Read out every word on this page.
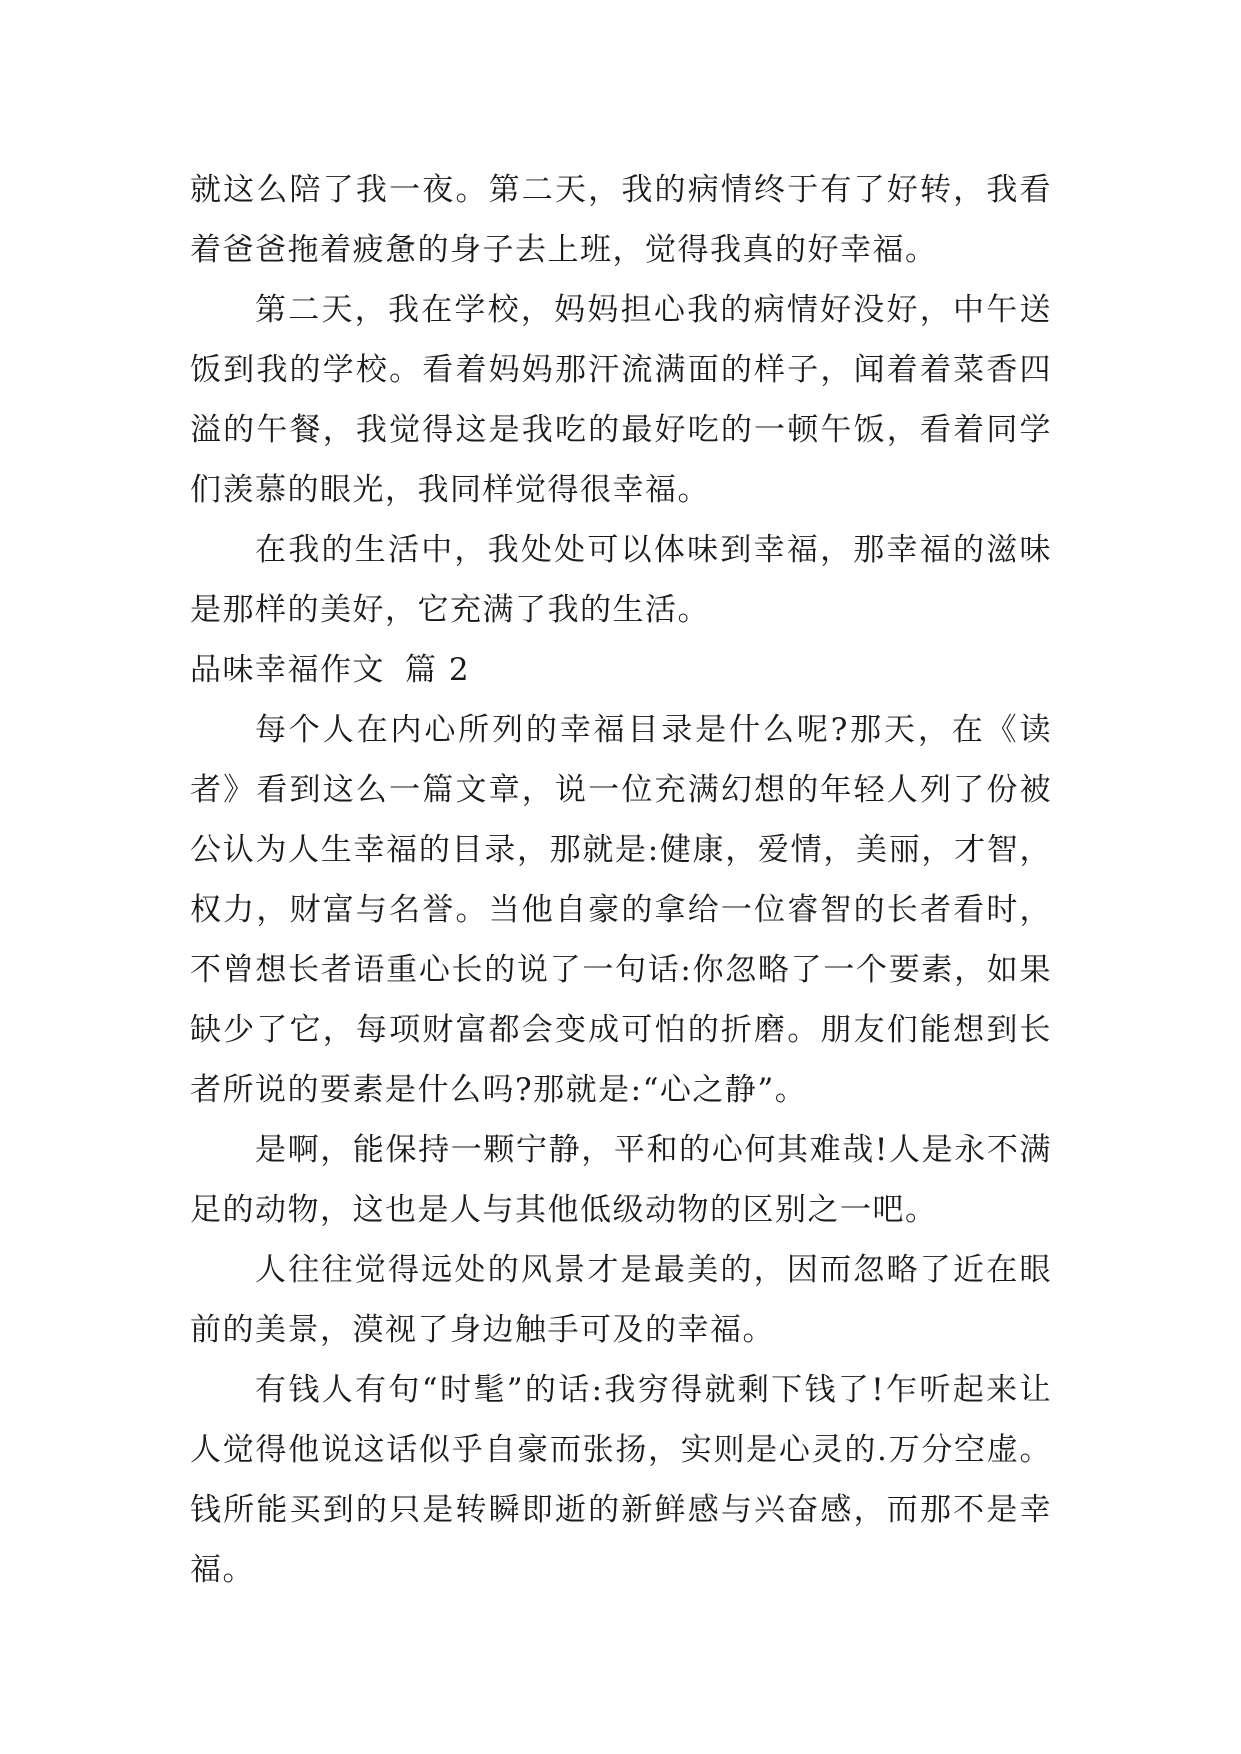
就这么陪了我一夜。第二天，我的病情终于有了好转，我看着爸爸拖着疲惫的身子去上班，觉得我真的好幸福。

第二天，我在学校，妈妈担心我的病情好没好，中午送饭到我的学校。看着妈妈那汗流满面的样子，闻着着菜香四溢的午餐，我觉得这是我吃的最好吃的一顿午饭，看着同学们羡慕的眼光，我同样觉得很幸福。

在我的生活中，我处处可以体味到幸福，那幸福的滋味是那样的美好，它充满了我的生活。

品味幸福作文 篇 2

每个人在内心所列的幸福目录是什么呢?那天，在《读者》看到这么一篇文章，说一位充满幻想的年轻人列了份被公认为人生幸福的目录，那就是:健康，爱情，美丽，才智，权力，财富与名誉。当他自豪的拿给一位睿智的长者看时，不曾想长者语重心长的说了一句话:你忽略了一个要素，如果缺少了它，每项财富都会变成可怕的折磨。朋友们能想到长者所说的要素是什么吗?那就是:“心之静”。

是啊，能保持一颗宁静，平和的心何其难哉!人是永不满足的动物，这也是人与其他低级动物的区别之一吧。

人往往觉得远处的风景才是最美的，因而忽略了近在眼前的美景，漠视了身边触手可及的幸福。

有钱人有句“时髦”的话:我穷得就剩下钱了!乍听起来让人觉得他说这话似乎自豪而张扬，实则是心灵的.万分空虚。钱所能买到的只是转瞬即逝的新鲜感与兴奋感，而那不是幸福。
